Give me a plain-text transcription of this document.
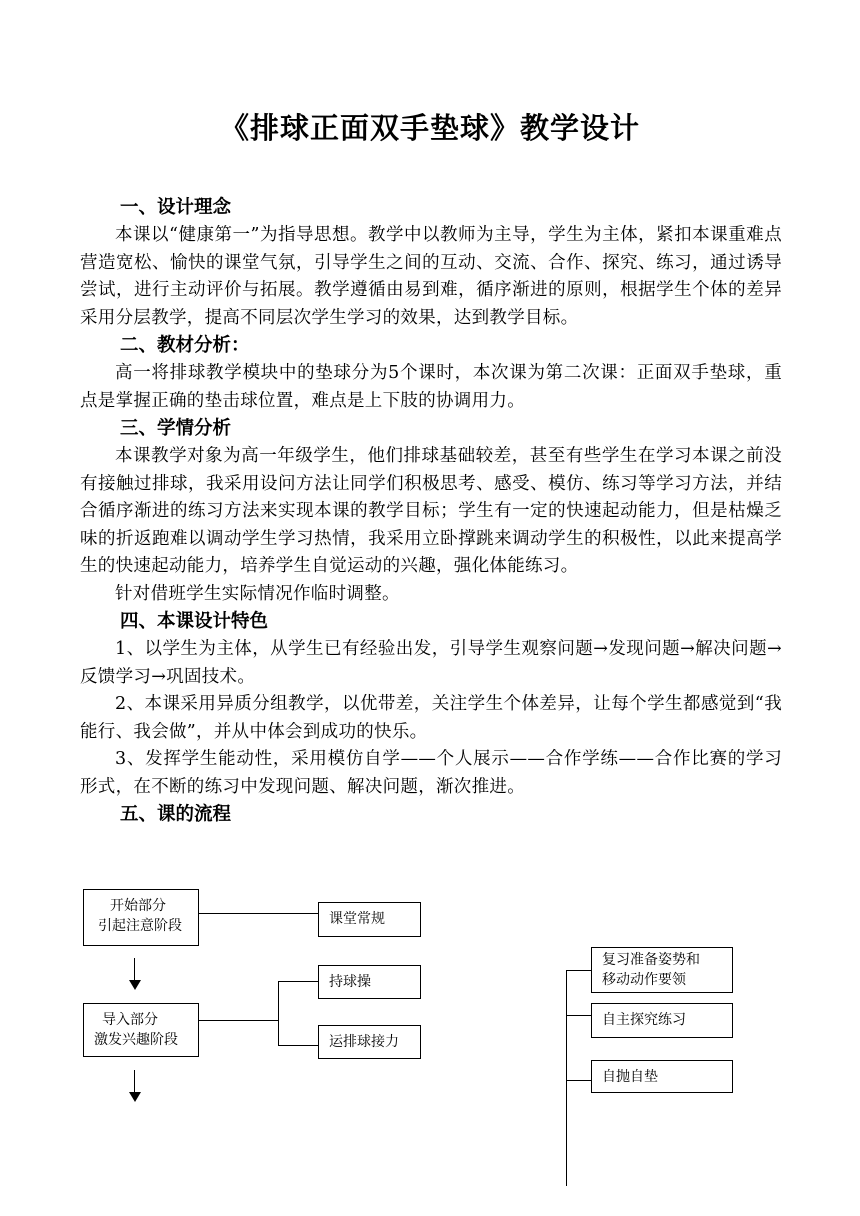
《排球正面双手垫球》教学设计

一、设计理念

本课以“健康第一”为指导思想。教学中以教师为主导，学生为主体，紧扣本课重难点营造宽松、愉快的课堂气氛，引导学生之间的互动、交流、合作、探究、练习，通过诱导尝试，进行主动评价与拓展。教学遵循由易到难，循序渐进的原则，根据学生个体的差异采用分层教学，提高不同层次学生学习的效果，达到教学目标。

二、教材分析：

高一将排球教学模块中的垫球分为5个课时，本次课为第二次课：正面双手垫球，重点是掌握正确的垫击球位置，难点是上下肢的协调用力。

三、学情分析

本课教学对象为高一年级学生，他们排球基础较差，甚至有些学生在学习本课之前没有接触过排球，我采用设问方法让同学们积极思考、感受、模仿、练习等学习方法，并结合循序渐进的练习方法来实现本课的教学目标；学生有一定的快速起动能力，但是枯燥乏味的折返跑难以调动学生学习热情，我采用立卧撑跳来调动学生的积极性，以此来提高学生的快速起动能力，培养学生自觉运动的兴趣，强化体能练习。

针对借班学生实际情况作临时调整。

四、本课设计特色

1、以学生为主体，从学生已有经验出发，引导学生观察问题→发现问题→解决问题→反馈学习→巩固技术。

2、本课采用异质分组教学，以优带差，关注学生个体差异，让每个学生都感觉到“我能行、我会做”，并从中体会到成功的快乐。

3、发挥学生能动性，采用模仿自学——个人展示——合作学练——合作比赛的学习形式，在不断的练习中发现问题、解决问题，渐次推进。

五、课的流程

开始部分
引起注意阶段	课堂常规
导入部分
激发兴趣阶段
持球操
运排球接力
复习准备姿势和
移动动作要领
自主探究练习
自抛自垫
